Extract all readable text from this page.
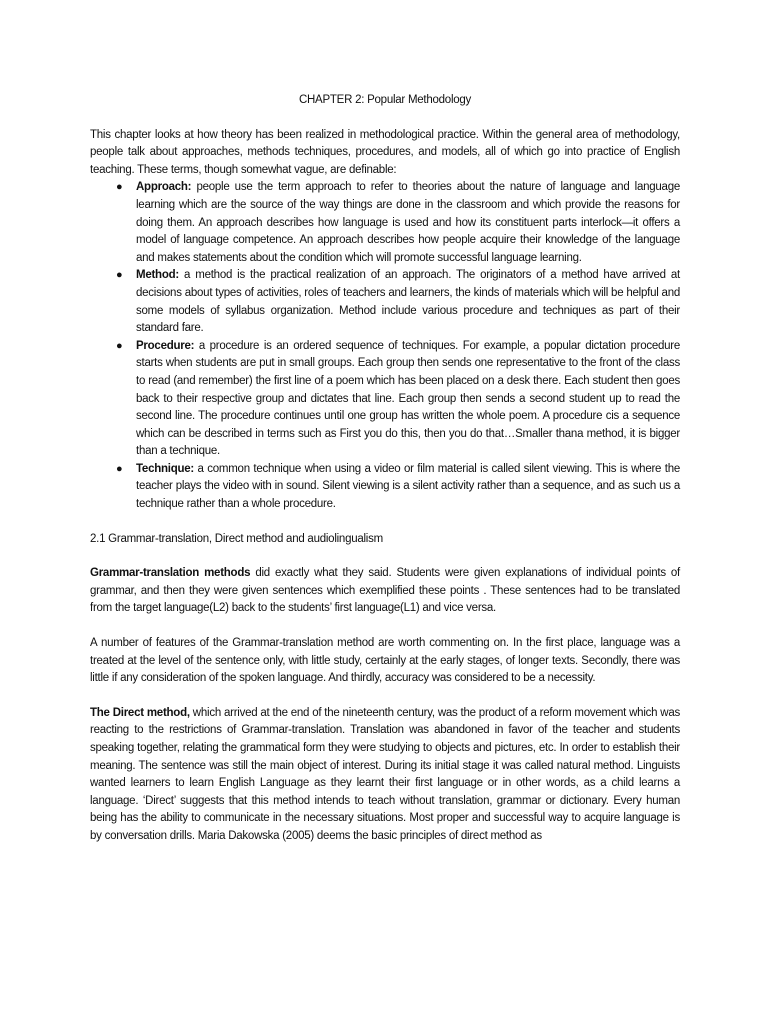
CHAPTER 2: Popular Methodology

This chapter looks at how theory has been realized in methodological practice. Within the general area of methodology, people talk about approaches, methods techniques, procedures, and models, all of which go into practice of English teaching. These terms, though somewhat vague, are definable:

● Approach: people use the term approach to refer to theories about the nature of language and language learning which are the source of the way things are done in the classroom and which provide the reasons for doing them. An approach describes how language is used and how its constituent parts interlock—it offers a model of language competence. An approach describes how people acquire their knowledge of the language and makes statements about the condition which will promote successful language learning.
● Method: a method is the practical realization of an approach. The originators of a method have arrived at decisions about types of activities, roles of teachers and learners, the kinds of materials which will be helpful and some models of syllabus organization. Method include various procedure and techniques as part of their standard fare.
● Procedure: a procedure is an ordered sequence of techniques. For example, a popular dictation procedure starts when students are put in small groups. Each group then sends one representative to the front of the class to read (and remember) the first line of a poem which has been placed on a desk there. Each student then goes back to their respective group and dictates that line. Each group then sends a second student up to read the second line. The procedure continues until one group has written the whole poem. A procedure cis a sequence which can be described in terms such as First you do this, then you do that…Smaller thana method, it is bigger than a technique.
● Technique: a common technique when using a video or film material is called silent viewing. This is where the teacher plays the video with in sound. Silent viewing is a silent activity rather than a sequence, and as such us a technique rather than a whole procedure.
2.1 Grammar-translation, Direct method and audiolingualism

Grammar-translation methods did exactly what they said. Students were given explanations of individual points of grammar, and then they were given sentences which exemplified these points . These sentences had to be translated from the target language(L2) back to the students’ first language(L1) and vice versa.

A number of features of the Grammar-translation method are worth commenting on. In the first place, language was a treated at the level of the sentence only, with little study, certainly at the early stages, of longer texts. Secondly, there was little if any consideration of the spoken language. And thirdly, accuracy was considered to be a necessity.

The Direct method, which arrived at the end of the nineteenth century, was the product of a reform movement which was reacting to the restrictions of Grammar-translation. Translation was abandoned in favor of the teacher and students speaking together, relating the grammatical form they were studying to objects and pictures, etc. In order to establish their meaning. The sentence was still the main object of interest. During its initial stage it was called natural method. Linguists wanted learners to learn English Language as they learnt their first language or in other words, as a child learns a language. ‘Direct’ suggests that this method intends to teach without translation, grammar or dictionary. Every human being has the ability to communicate in the necessary situations. Most proper and successful way to acquire language is by conversation drills. Maria Dakowska (2005) deems the basic principles of direct method as
